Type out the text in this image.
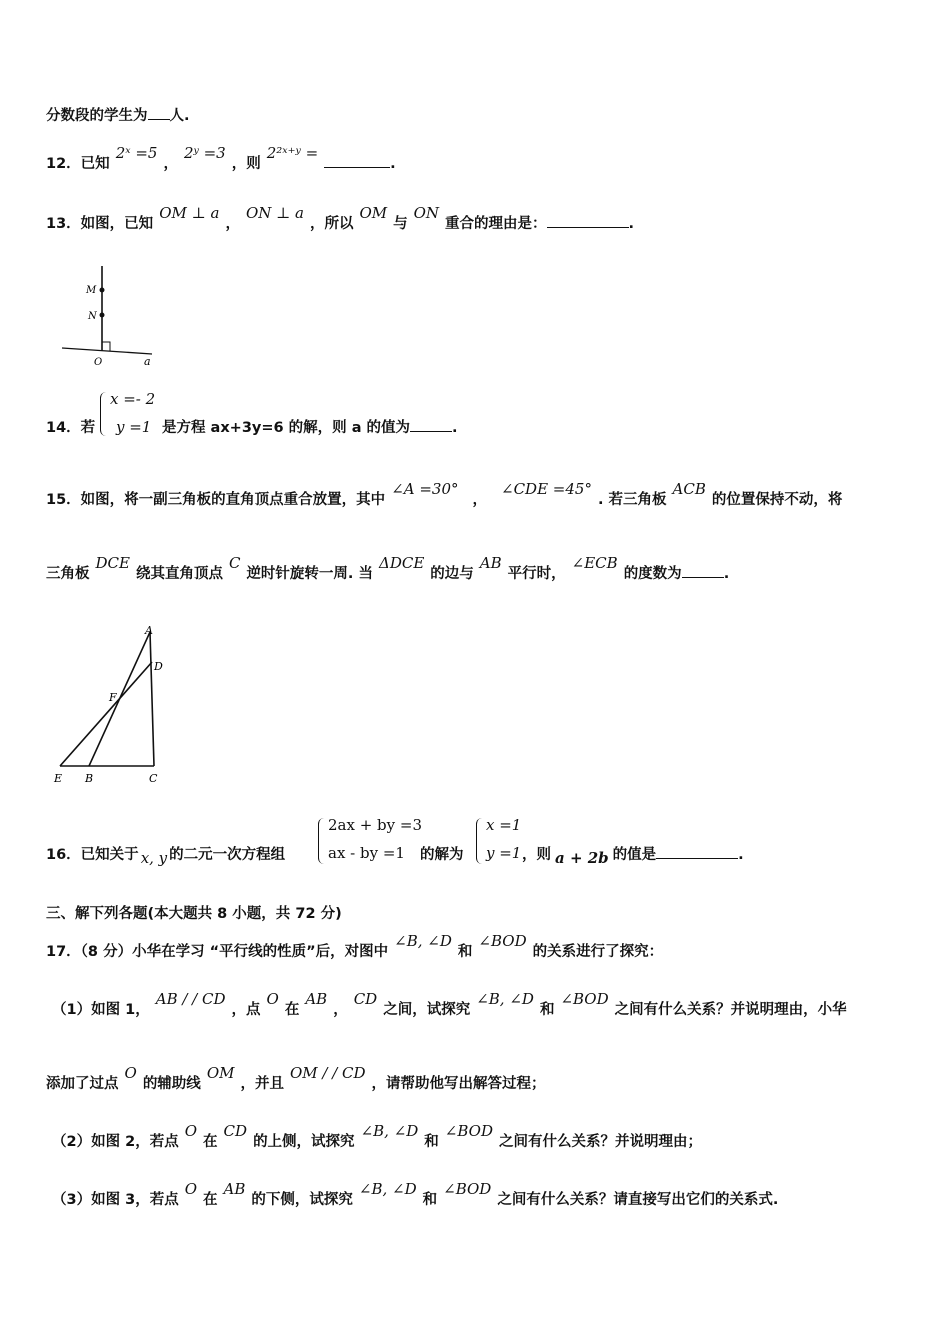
分数段的学生为 人.
12．已知2ˣ =5，2ʸ =3，则2²ˣ⁺ʸ =.
13．如图，已知OM ⊥ a，ON ⊥ a，所以OM与ON重合的理由是：	.
M
N
O	a
14．若
x =- 2
y =1 是方程 ax+3y=6 的解，则 a 的值为	.
15．如图，将一副三角板的直角顶点重合放置，其中∠A =30°，∠CDE =45°. 若三角板ACB的位置保持不动，将
三角板DCE绕其直角顶点C逆时针旋转一周. 当ΔDCE的边与AB平行时，∠ECB的度数为	.
A
D
F
E B	C
16．已知关于 x, y 的二元一次方程组
2ax + by =3
ax - by =1 的解为
x =1
y =1 ，则 a + 2b 的值是	.
三、解下列各题(本大题共 8 小题，共 72 分)
17．（8 分）小华在学习 “平行线的性质”后，对图中∠B, ∠D和∠BOD的关系进行了探究：
（1）如图 1，AB / / CD，点O在AB，CD之间，试探究∠B, ∠D和∠BOD之间有什么关系？并说明理由，小华
添加了过点O的辅助线OM，并且OM / / CD，请帮助他写出解答过程；
（2）如图 2，若点O在CD的上侧，试探究∠B, ∠D和∠BOD之间有什么关系？并说明理由；
（3）如图 3，若点O在AB的下侧，试探究∠B, ∠D和∠BOD之间有什么关系？请直接写出它们的关系式.
